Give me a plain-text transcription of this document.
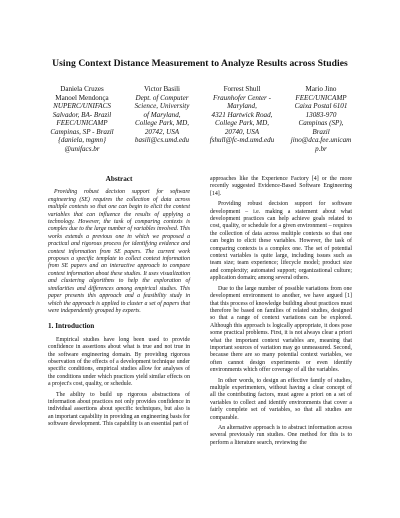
Using Context Distance Measurement to Analyze Results across Studies
Daniela Cruzes
Manoel Mendonça
NUPERC/UNIFACS
Salvador, BA- Brazil
FEEC/UNICAMP
Campinas, SP - Brazil
{daniela, mgmn}
@unifacs.br
Victor Basili
Dept. of Computer
Science, University
of Maryland,
College Park, MD,
20742, USA
basili@cs.umd.edu
Forrest Shull
Fraunhofer Center -
Maryland,
4321 Hartwick Road,
College Park, MD,
20740, USA
fshull@fc-md.umd.edu
Mario Jino
FEEC/UNICAMP
Caixa Postal 6101
13083-970
Campinas (SP),
Brazil
jino@dca.fee.unicam
p.br
Abstract

Providing robust decision support for software engineering (SE) requires the collection of data across multiple contexts so that one can begin to elicit the context variables that can influence the results of applying a technology. However, the task of comparing contexts is complex due to the large number of variables involved. This works extends a previous one in which we proposed a practical and rigorous process for identifying evidence and context information from SE papers. The current work proposes a specific template to collect context information from SE papers and an interactive approach to compare context information about these studies. It uses visualization and clustering algorithms to help the exploration of similarities and differences among empirical studies. This paper presents this approach and a feasibility study in which the approach is applied to cluster a set of papers that were independently grouped by experts.

1. Introduction

Empirical studies have long been used to provide confidence in assertions about what is true and not true in the software engineering domain. By providing rigorous observation of the effects of a development technique under specific conditions, empirical studies allow for analyses of the conditions under which practices yield similar effects on a project's cost, quality, or schedule.

The ability to build up rigorous abstractions of information about practices not only provides confidence in individual assertions about specific techniques, but also is an important capability in providing an engineering basis for software development. This capability is an essential part of

approaches like the Experience Factory [4] or the more recently suggested Evidence-Based Software Engineering [14].

Providing robust decision support for software development – i.e. making a statement about what development practices can help achieve goals related to cost, quality, or schedule for a given environment – requires the collection of data across multiple contexts so that one can begin to elicit these variables. However, the task of comparing contexts is a complex one. The set of potential context variables is quite large, including issues such as team size; team experience; lifecycle model; product size and complexity; automated support; organizational culture; application domain; among several others.

Due to the large number of possible variations from one development environment to another, we have argued [1] that this process of knowledge building about practices must therefore be based on families of related studies, designed so that a range of context variations can be explored. Although this approach is logically appropriate, it does pose some practical problems. First, it is not always clear a priori what the important context variables are, meaning that important sources of variation may go unmeasured. Second, because there are so many potential context variables, we often cannot design experiments or even identify environments which offer coverage of all the variables.

In other words, to design an effective family of studies, multiple experimenters, without having a clear concept of all the contributing factors, must agree a priori on a set of variables to collect and identify environments that cover a fairly complete set of variables, so that all studies are comparable.

An alternative approach is to abstract information across several previously run studies. One method for this is to perform a literature search, reviewing the
